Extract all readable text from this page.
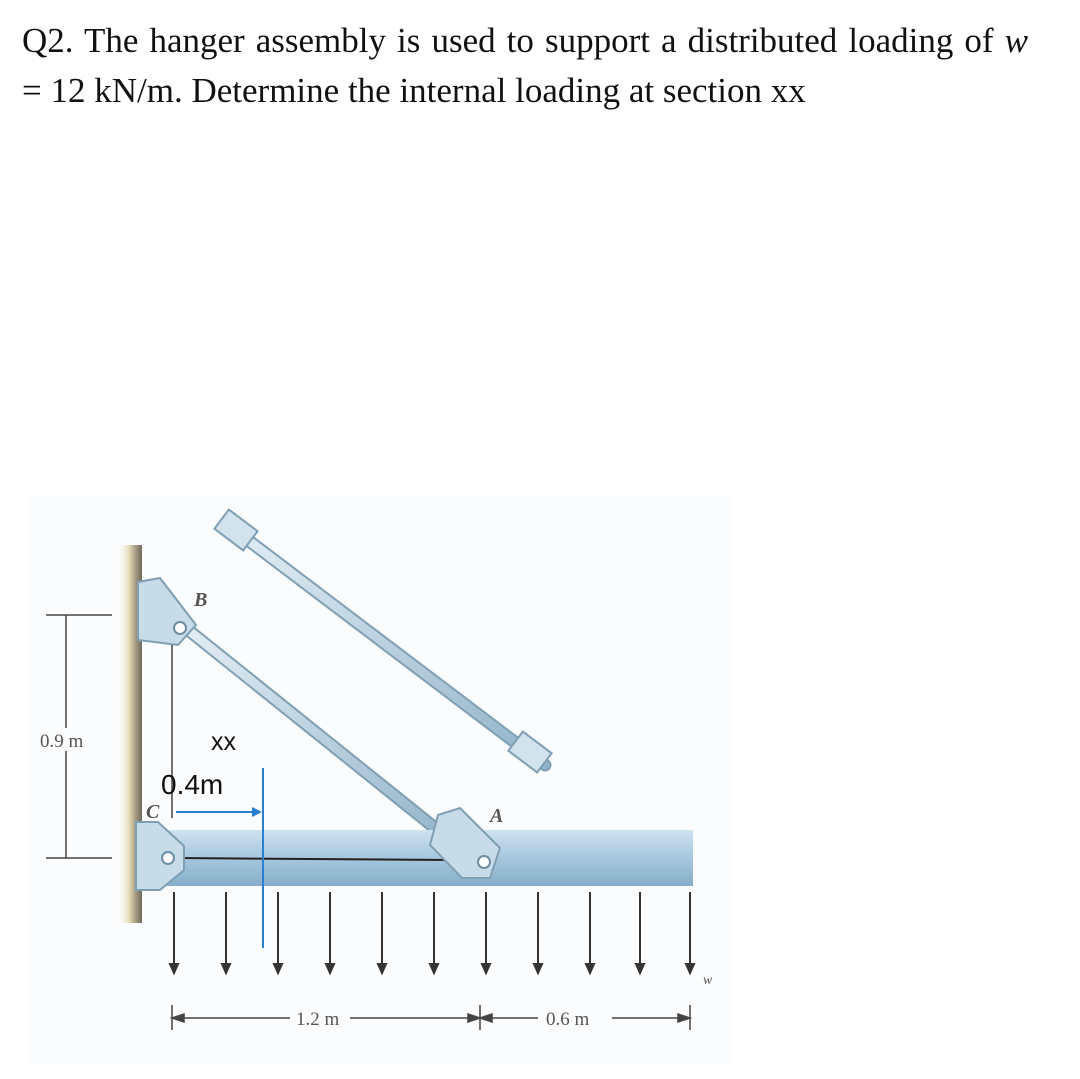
Q2. The hanger assembly is used to support a distributed loading of w = 12 kN/m. Determine the internal loading at section xx
0.9 m	xx
0.4m
B
A
C
w
1.2 m	0.6 m
